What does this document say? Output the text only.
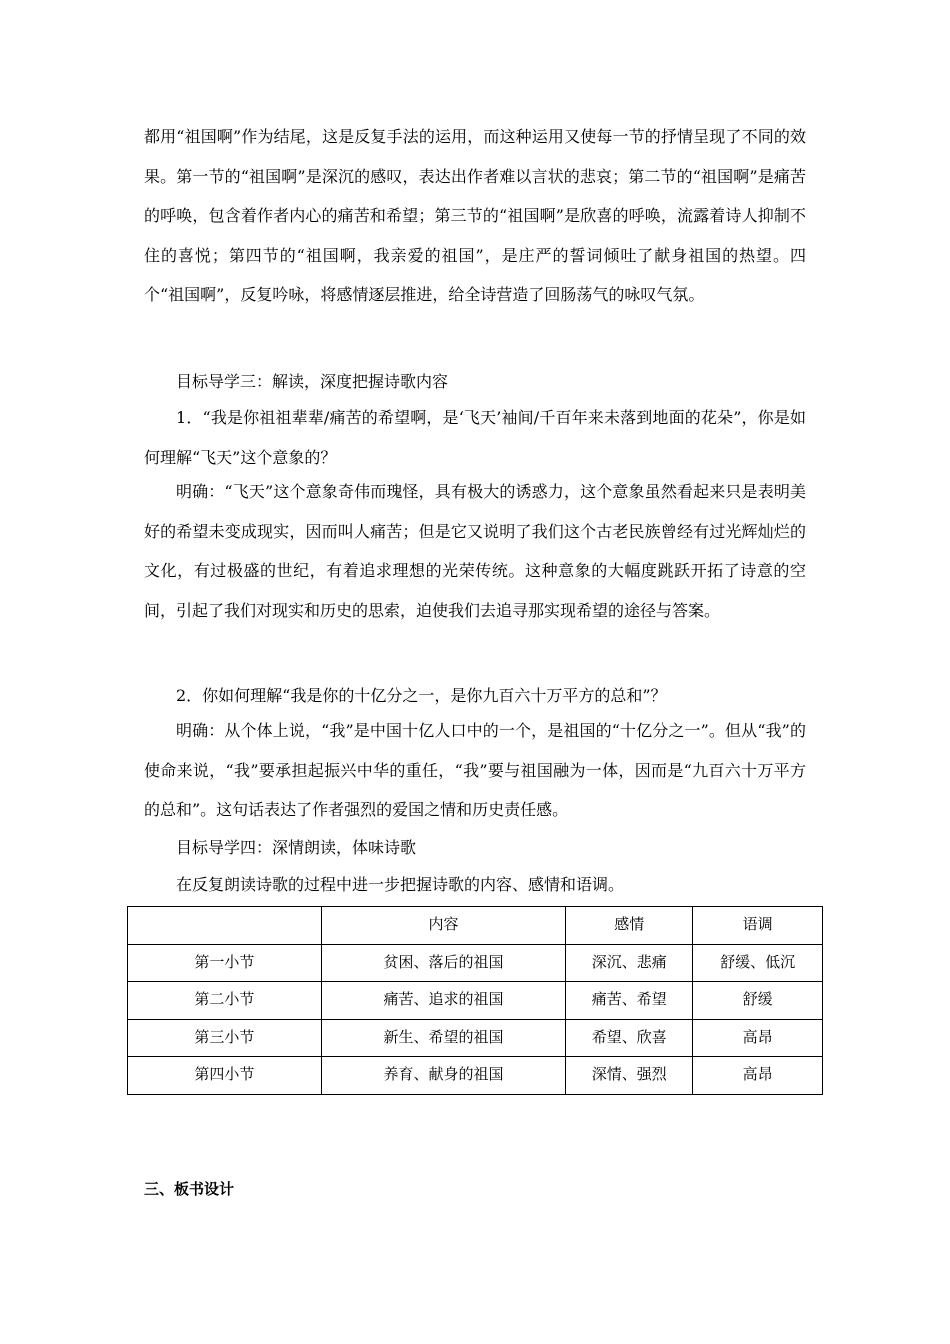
都用“祖国啊”作为结尾，这是反复手法的运用，而这种运用又使每一节的抒情呈现了不同的效果。第一节的“祖国啊”是深沉的感叹，表达出作者难以言状的悲哀；第二节的“祖国啊”是痛苦的呼唤，包含着作者内心的痛苦和希望；第三节的“祖国啊”是欣喜的呼唤，流露着诗人抑制不住的喜悦；第四节的“祖国啊，我亲爱的祖国”，是庄严的誓词倾吐了献身祖国的热望。四个“祖国啊”，反复吟咏，将感情逐层推进，给全诗营造了回肠荡气的咏叹气氛。
目标导学三：解读，深度把握诗歌内容
1．“我是你祖祖辈辈/痛苦的希望啊，是‘飞天’袖间/千百年来未落到地面的花朵”，你是如何理解“飞天”这个意象的？
明确：“飞天”这个意象奇伟而瑰怪，具有极大的诱惑力，这个意象虽然看起来只是表明美好的希望未变成现实，因而叫人痛苦；但是它又说明了我们这个古老民族曾经有过光辉灿烂的文化，有过极盛的世纪，有着追求理想的光荣传统。这种意象的大幅度跳跃开拓了诗意的空间，引起了我们对现实和历史的思索，迫使我们去追寻那实现希望的途径与答案。
2．你如何理解“我是你的十亿分之一，是你九百六十万平方的总和”？
明确：从个体上说，“我”是中国十亿人口中的一个，是祖国的“十亿分之一”。但从“我”的使命来说，“我”要承担起振兴中华的重任，“我”要与祖国融为一体，因而是“九百六十万平方的总和”。这句话表达了作者强烈的爱国之情和历史责任感。
目标导学四：深情朗读，体味诗歌
在反复朗读诗歌的过程中进一步把握诗歌的内容、感情和语调。
	内容	感情	语调
第一小节	贫困、落后的祖国	深沉、悲痛	舒缓、低沉
第二小节	痛苦、追求的祖国	痛苦、希望	舒缓
第三小节	新生、希望的祖国	希望、欣喜	高昂
第四小节	养育、献身的祖国	深情、强烈	高昂
三、板书设计
